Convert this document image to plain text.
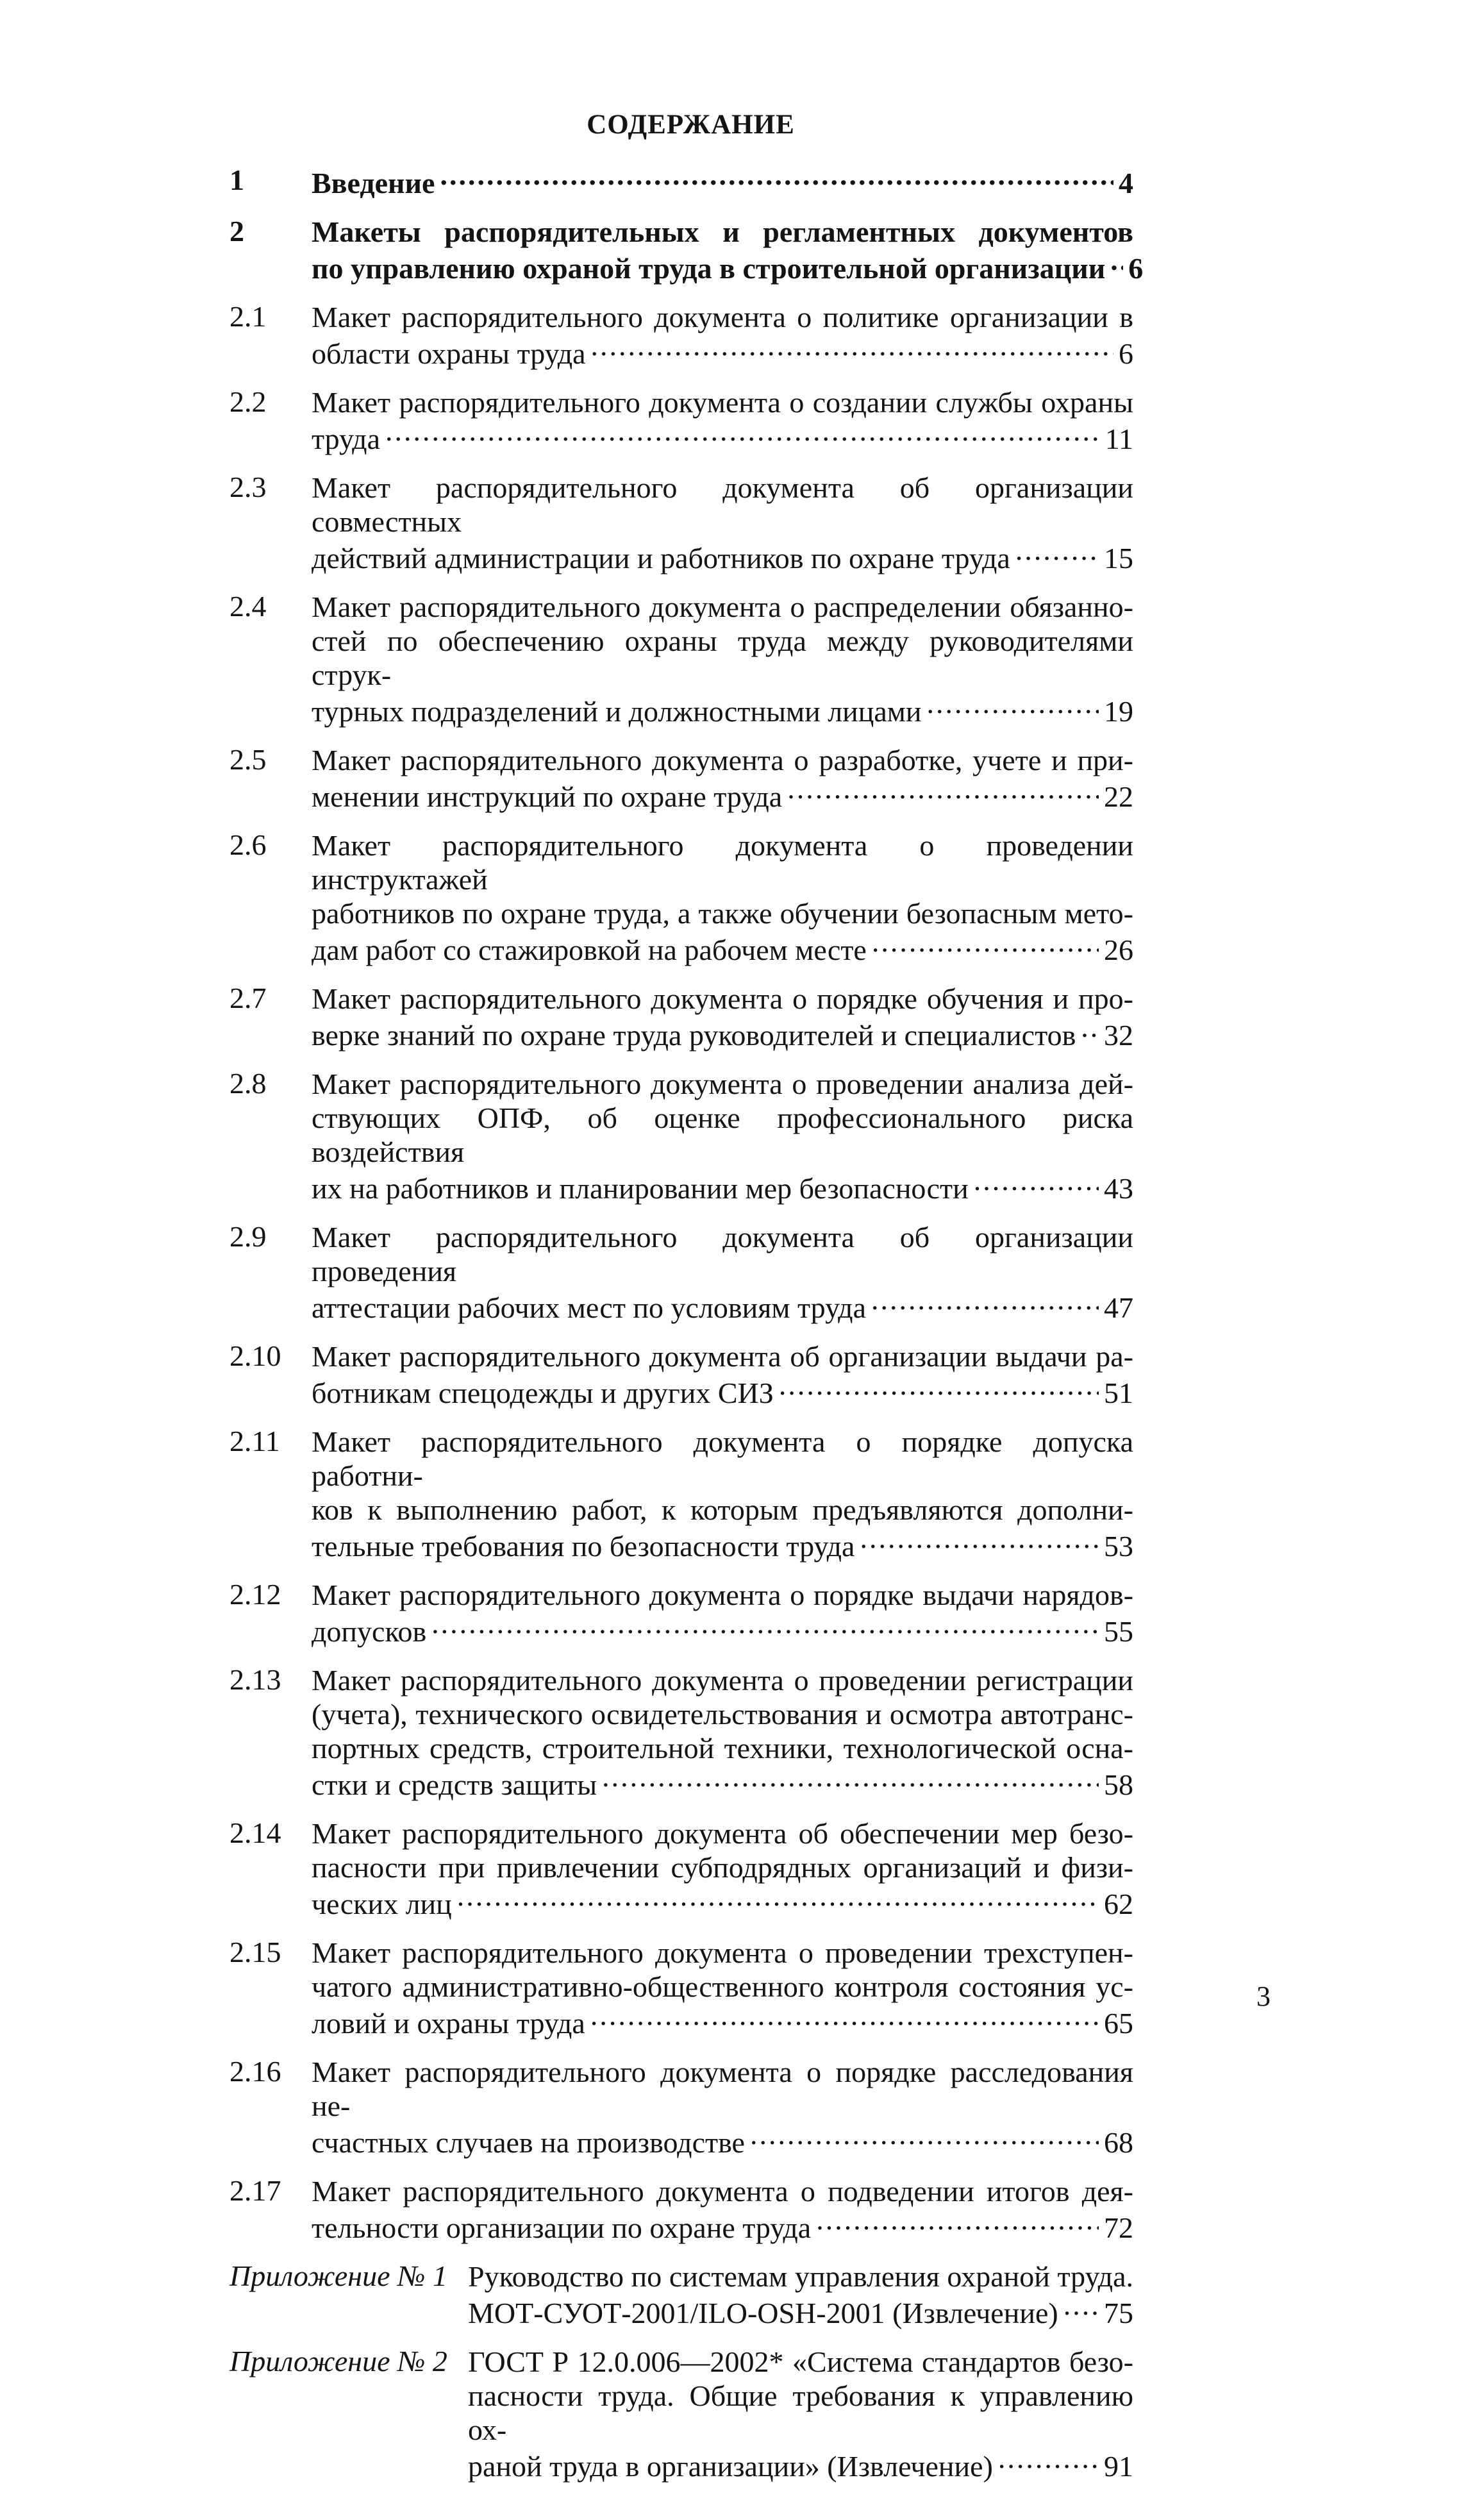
СОДЕРЖАНИЕ
1	Введение .....	4
2	Макеты распорядительных и регламентных документов
по управлению охраной труда в строительной организации ..... 6
2.1	Макет распорядительного документа о политике организации в
области охраны труда .....	6
2.2	Макет распорядительного документа о создании службы охраны
труда .....	11
2.3	Макет распорядительного документа об организации совместных
действий администрации и работников по охране труда .....	15
2.4	Макет распорядительного документа о распределении обязанно-
стей по обеспечению охраны труда между руководителями струк-
турных подразделений и должностными лицами .....	19
2.5	Макет распорядительного документа о разработке, учете и при-
менении инструкций по охране труда .....	22
2.6	Макет распорядительного документа о проведении инструктажей
работников по охране труда, а также обучении безопасным мето-
дам работ со стажировкой на рабочем месте .....	26
2.7	Макет распорядительного документа о порядке обучения и про-
верке знаний по охране труда руководителей и специалистов ..... 32
2.8	Макет распорядительного документа о проведении анализа дей-
ствующих ОПФ, об оценке профессионального риска воздействия
их на работников и планировании мер безопасности .....	43
2.9	Макет распорядительного документа об организации проведения
аттестации рабочих мест по условиям труда .....	47
2.10	Макет распорядительного документа об организации выдачи ра-
ботникам спецодежды и других СИЗ .....	51
2.11	Макет распорядительного документа о порядке допуска работни-
ков к выполнению работ, к которым предъявляются дополни-
тельные требования по безопасности труда .....	53
2.12	Макет распорядительного документа о порядке выдачи нарядов-
допусков .....	55
2.13	Макет распорядительного документа о проведении регистрации
(учета), технического освидетельствования и осмотра автотранс-
портных средств, строительной техники, технологической осна-
стки и средств защиты .....	58
2.14	Макет распорядительного документа об обеспечении мер безо-
пасности при привлечении субподрядных организаций и физи-
ческих лиц .....	62
2.15	Макет распорядительного документа о проведении трехступен-
чатого административно-общественного контроля состояния ус-
ловий и охраны труда .....	65
2.16	Макет распорядительного документа о порядке расследования не-
счастных случаев на производстве .....	68
2.17	Макет распорядительного документа о подведении итогов дея-
тельности организации по охране труда .....	72
Приложение № 1 Руководство по системам управления охраной труда.
МОТ-СУОТ-2001/ILO-OSH-2001 (Извлечение) ..... 75
Приложение № 2 ГОСТ Р 12.0.006—2002* «Система стандартов безо-
пасности труда. Общие требования к управлению ох-
раной труда в организации» (Извлечение) .....	91
3
